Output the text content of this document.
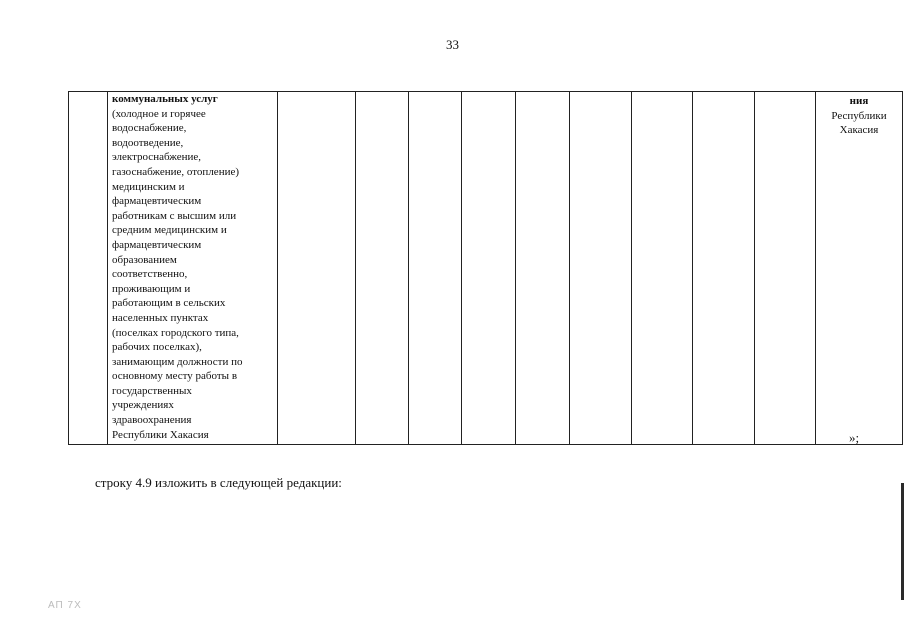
33

коммунальных услуг
(холодное и горячее
водоснабжение,
водоотведение,
электроснабжение,
газоснабжение, отопление)
медицинским и
фармацевтическим
работникам с высшим или
средним медицинским и
фармацевтическим
образованием
соответственно,
проживающим и
работающим в сельских
населенных пунктах
(поселках городского типа,
рабочих поселках),
занимающим должности по
основному месту работы в
государственных
учреждениях
здравоохранения
Республики Хакасия

ния
Республики
Хакасия
»;
строку 4.9 изложить в следующей редакции:
АП 7Х
